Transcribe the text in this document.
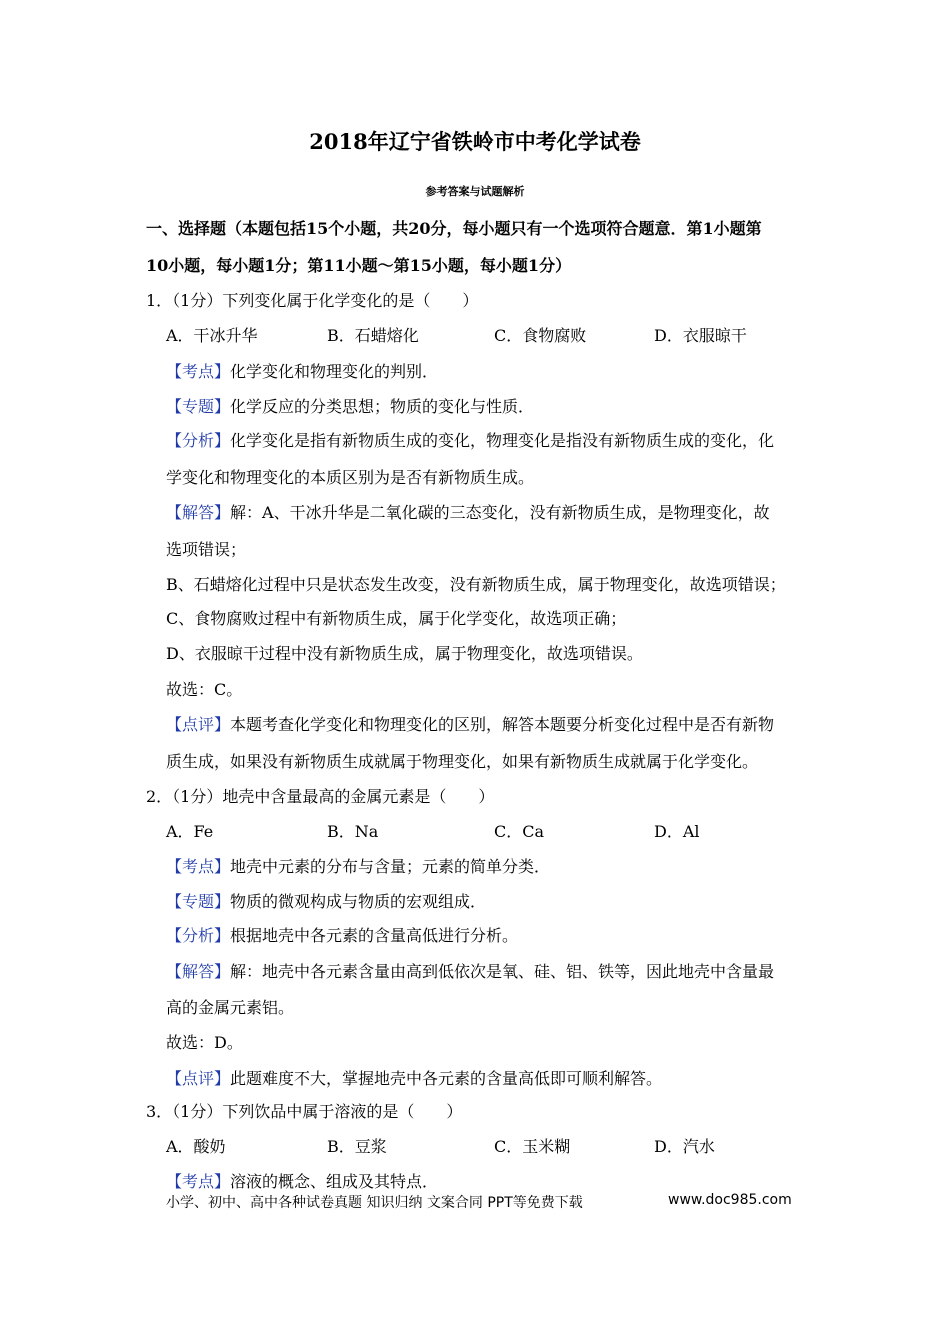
2018年辽宁省铁岭市中考化学试卷
参考答案与试题解析
一、选择题（本题包括15个小题，共20分，每小题只有一个选项符合题意．第1小题第
10小题，每小题1分；第11小题～第15小题，每小题1分）
1．（1分）下列变化属于化学变化的是（　　）
A．干冰升华	B．石蜡熔化	C．食物腐败	D．衣服晾干
【考点】化学变化和物理变化的判别．
【专题】化学反应的分类思想；物质的变化与性质．
【分析】化学变化是指有新物质生成的变化，物理变化是指没有新物质生成的变化，化
学变化和物理变化的本质区别为是否有新物质生成。
【解答】解：A、干冰升华是二氧化碳的三态变化，没有新物质生成，是物理变化，故
选项错误；
B、石蜡熔化过程中只是状态发生改变，没有新物质生成，属于物理变化，故选项错误；
C、食物腐败过程中有新物质生成，属于化学变化，故选项正确；
D、衣服晾干过程中没有新物质生成，属于物理变化，故选项错误。
故选：C。
【点评】本题考查化学变化和物理变化的区别，解答本题要分析变化过程中是否有新物
质生成，如果没有新物质生成就属于物理变化，如果有新物质生成就属于化学变化。
2．（1分）地壳中含量最高的金属元素是（　　）
A．Fe	B．Na	C．Ca	D．Al
【考点】地壳中元素的分布与含量；元素的简单分类．
【专题】物质的微观构成与物质的宏观组成．
【分析】根据地壳中各元素的含量高低进行分析。
【解答】解：地壳中各元素含量由高到低依次是氧、硅、铝、铁等，因此地壳中含量最
高的金属元素铝。
故选：D。
【点评】此题难度不大，掌握地壳中各元素的含量高低即可顺利解答。
3．（1分）下列饮品中属于溶液的是（　　）
A．酸奶	B．豆浆	C．玉米糊	D．汽水
【考点】溶液的概念、组成及其特点．
小学、初中、高中各种试卷真题 知识归纳 文案合同 PPT等免费下载	www.doc985.com
